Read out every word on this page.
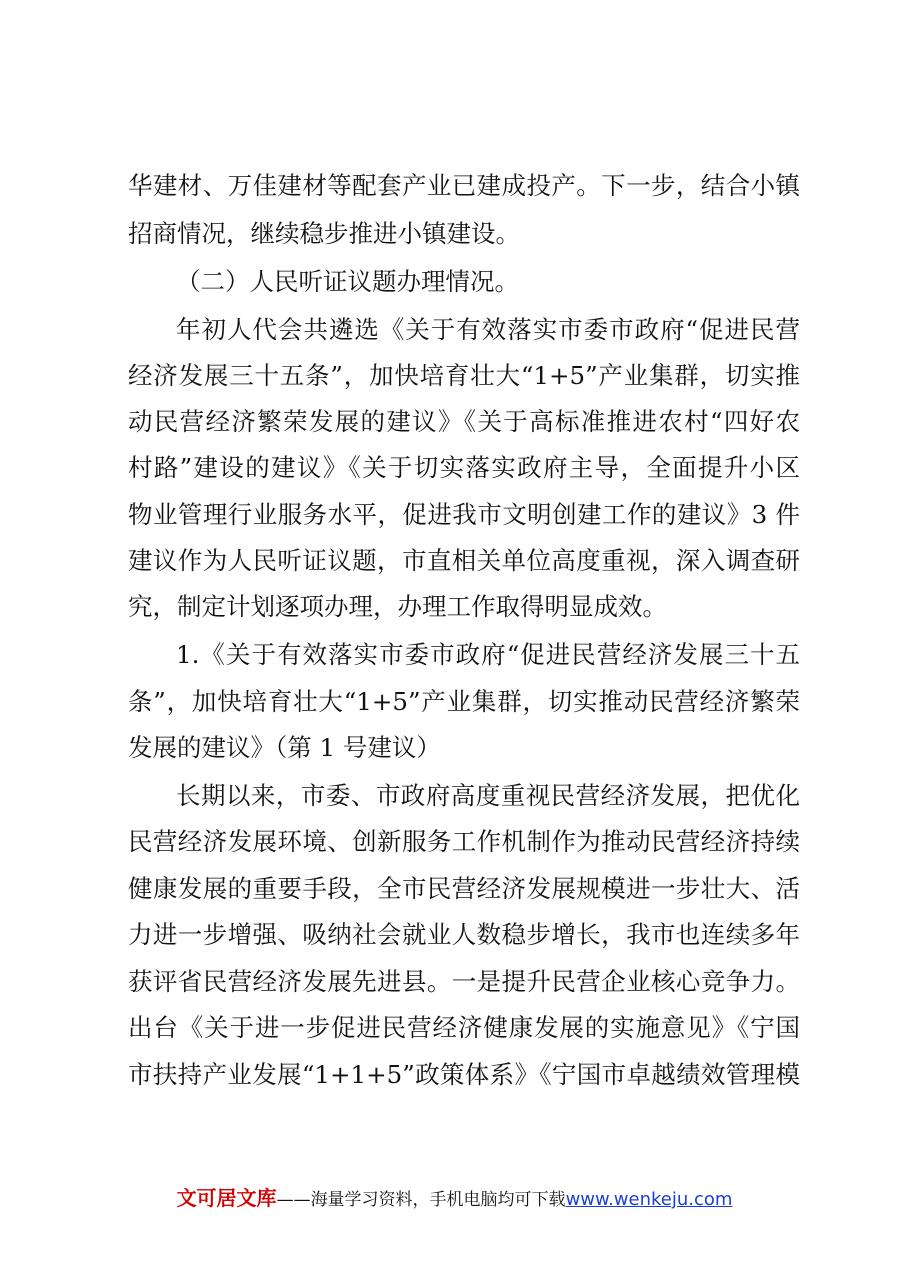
华建材、万佳建材等配套产业已建成投产。下一步，结合小镇
招商情况，继续稳步推进小镇建设。
（二）人民听证议题办理情况。
年初人代会共遴选《关于有效落实市委市政府“促进民营
经济发展三十五条”，加快培育壮大“1+5”产业集群，切实推
动民营经济繁荣发展的建议》《关于高标准推进农村“四好农
村路”建设的建议》《关于切实落实政府主导，全面提升小区
物业管理行业服务水平，促进我市文明创建工作的建议》3 件
建议作为人民听证议题，市直相关单位高度重视，深入调查研
究，制定计划逐项办理，办理工作取得明显成效。
1.《关于有效落实市委市政府“促进民营经济发展三十五
条”，加快培育壮大“1+5”产业集群，切实推动民营经济繁荣
发展的建议》（第 1 号建议）
长期以来，市委、市政府高度重视民营经济发展，把优化
民营经济发展环境、创新服务工作机制作为推动民营经济持续
健康发展的重要手段，全市民营经济发展规模进一步壮大、活
力进一步增强、吸纳社会就业人数稳步增长，我市也连续多年
获评省民营经济发展先进县。一是提升民营企业核心竞争力。
出台《关于进一步促进民营经济健康发展的实施意见》《宁国
市扶持产业发展“1+1+5”政策体系》《宁国市卓越绩效管理模
文可居文库——海量学习资料，手机电脑均可下载www.wenkeju.com
